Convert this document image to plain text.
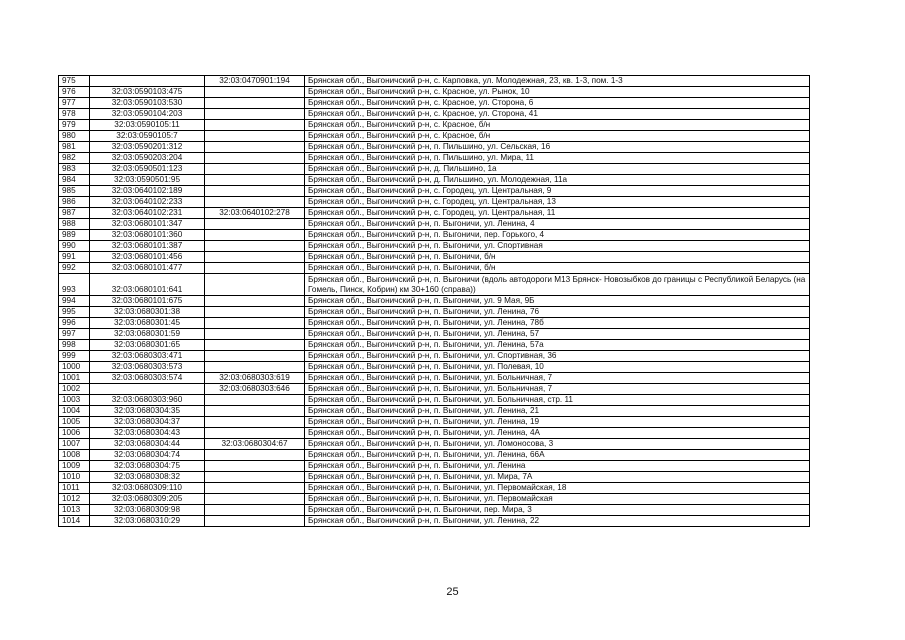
975		32:03:0470901:194	Брянская обл., Выгоничский р-н, с. Карповка, ул. Молодежная, 23, кв. 1-3, пом. 1-3
976	32:03:0590103:475		Брянская обл., Выгоничский р-н, с. Красное, ул. Рынок, 10
977	32:03:0590103:530		Брянская обл., Выгоничский р-н, с. Красное, ул. Сторона, 6
978	32:03:0590104:203		Брянская обл., Выгоничский р-н, с. Красное, ул. Сторона, 41
979	32:03:0590105:11		Брянская обл., Выгоничский р-н, с. Красное, б/н
980	32:03:0590105:7		Брянская обл., Выгоничский р-н, с. Красное, б/н
981	32:03:0590201:312		Брянская обл., Выгоничский р-н, п. Пильшино, ул. Сельская, 16
982	32:03:0590203:204		Брянская обл., Выгоничский р-н, п. Пильшино, ул. Мира, 11
983	32:03:0590501:123		Брянская обл., Выгоничский р-н, д. Пильшино, 1а
984	32:03:0590501:95		Брянская обл., Выгоничский р-н, д. Пильшино, ул. Молодежная, 11а
985	32:03:0640102:189		Брянская обл., Выгоничский р-н, с. Городец, ул. Центральная, 9
986	32:03:0640102:233		Брянская обл., Выгоничский р-н, с. Городец, ул. Центральная, 13
987	32:03:0640102:231	32:03:0640102:278	Брянская обл., Выгоничский р-н, с. Городец, ул. Центральная, 11
988	32:03:0680101:347		Брянская обл., Выгоничский р-н, п. Выгоничи, ул. Ленина, 4
989	32:03:0680101:360		Брянская обл., Выгоничский р-н, п. Выгоничи, пер. Горького, 4
990	32:03:0680101:387		Брянская обл., Выгоничский р-н, п. Выгоничи, ул. Спортивная
991	32:03:0680101:456		Брянская обл., Выгоничский р-н, п. Выгоничи, б/н
992	32:03:0680101:477		Брянская обл., Выгоничский р-н, п. Выгоничи, б/н
993	32:03:0680101:641		Брянская обл., Выгоничский р-н, п. Выгоничи (вдоль автодороги М13 Брянск- Новозыбков до границы с Республикой Беларусь (на Гомель, Пинск, Кобрин) км 30+160 (справа))
994	32:03:0680101:675		Брянская обл., Выгоничский р-н, п. Выгоничи, ул. 9 Мая, 9Б
995	32:03:0680301:38		Брянская обл., Выгоничский р-н, п. Выгоничи, ул. Ленина, 76
996	32:03:0680301:45		Брянская обл., Выгоничский р-н, п. Выгоничи, ул. Ленина, 78б
997	32:03:0680301:59		Брянская обл., Выгоничский р-н, п. Выгоничи, ул. Ленина, 57
998	32:03:0680301:65		Брянская обл., Выгоничский р-н, п. Выгоничи, ул. Ленина, 57а
999	32:03:0680303:471		Брянская обл., Выгоничский р-н, п. Выгоничи, ул. Спортивная, 36
1000	32:03:0680303:573		Брянская обл., Выгоничский р-н, п. Выгоничи, ул. Полевая, 10
1001	32:03:0680303:574	32:03:0680303:619	Брянская обл., Выгоничский р-н, п. Выгоничи, ул. Больничная, 7
1002		32:03:0680303:646	Брянская обл., Выгоничский р-н, п. Выгоничи, ул. Больничная, 7
1003	32:03:0680303:960		Брянская обл., Выгоничский р-н, п. Выгоничи, ул. Больничная, стр. 11
1004	32:03:0680304:35		Брянская обл., Выгоничский р-н, п. Выгоничи, ул. Ленина, 21
1005	32:03:0680304:37		Брянская обл., Выгоничский р-н, п. Выгоничи, ул. Ленина, 19
1006	32:03:0680304:43		Брянская обл., Выгоничский р-н, п. Выгоничи, ул. Ленина, 4А
1007	32:03:0680304:44	32:03:0680304:67	Брянская обл., Выгоничский р-н, п. Выгоничи, ул. Ломоносова, 3
1008	32:03:0680304:74		Брянская обл., Выгоничский р-н, п. Выгоничи, ул. Ленина, 66А
1009	32:03:0680304:75		Брянская обл., Выгоничский р-н, п. Выгоничи, ул. Ленина
1010	32:03:0680308:32		Брянская обл., Выгоничский р-н, п. Выгоничи, ул. Мира, 7А
1011	32:03:0680309:110		Брянская обл., Выгоничский р-н, п. Выгоничи, ул. Первомайская, 18
1012	32:03:0680309:205		Брянская обл., Выгоничский р-н, п. Выгоничи, ул. Первомайская
1013	32:03:0680309:98		Брянская обл., Выгоничский р-н, п. Выгоничи, пер. Мира, 3
1014	32:03:0680310:29		Брянская обл., Выгоничский р-н, п. Выгоничи, ул. Ленина, 22
25
